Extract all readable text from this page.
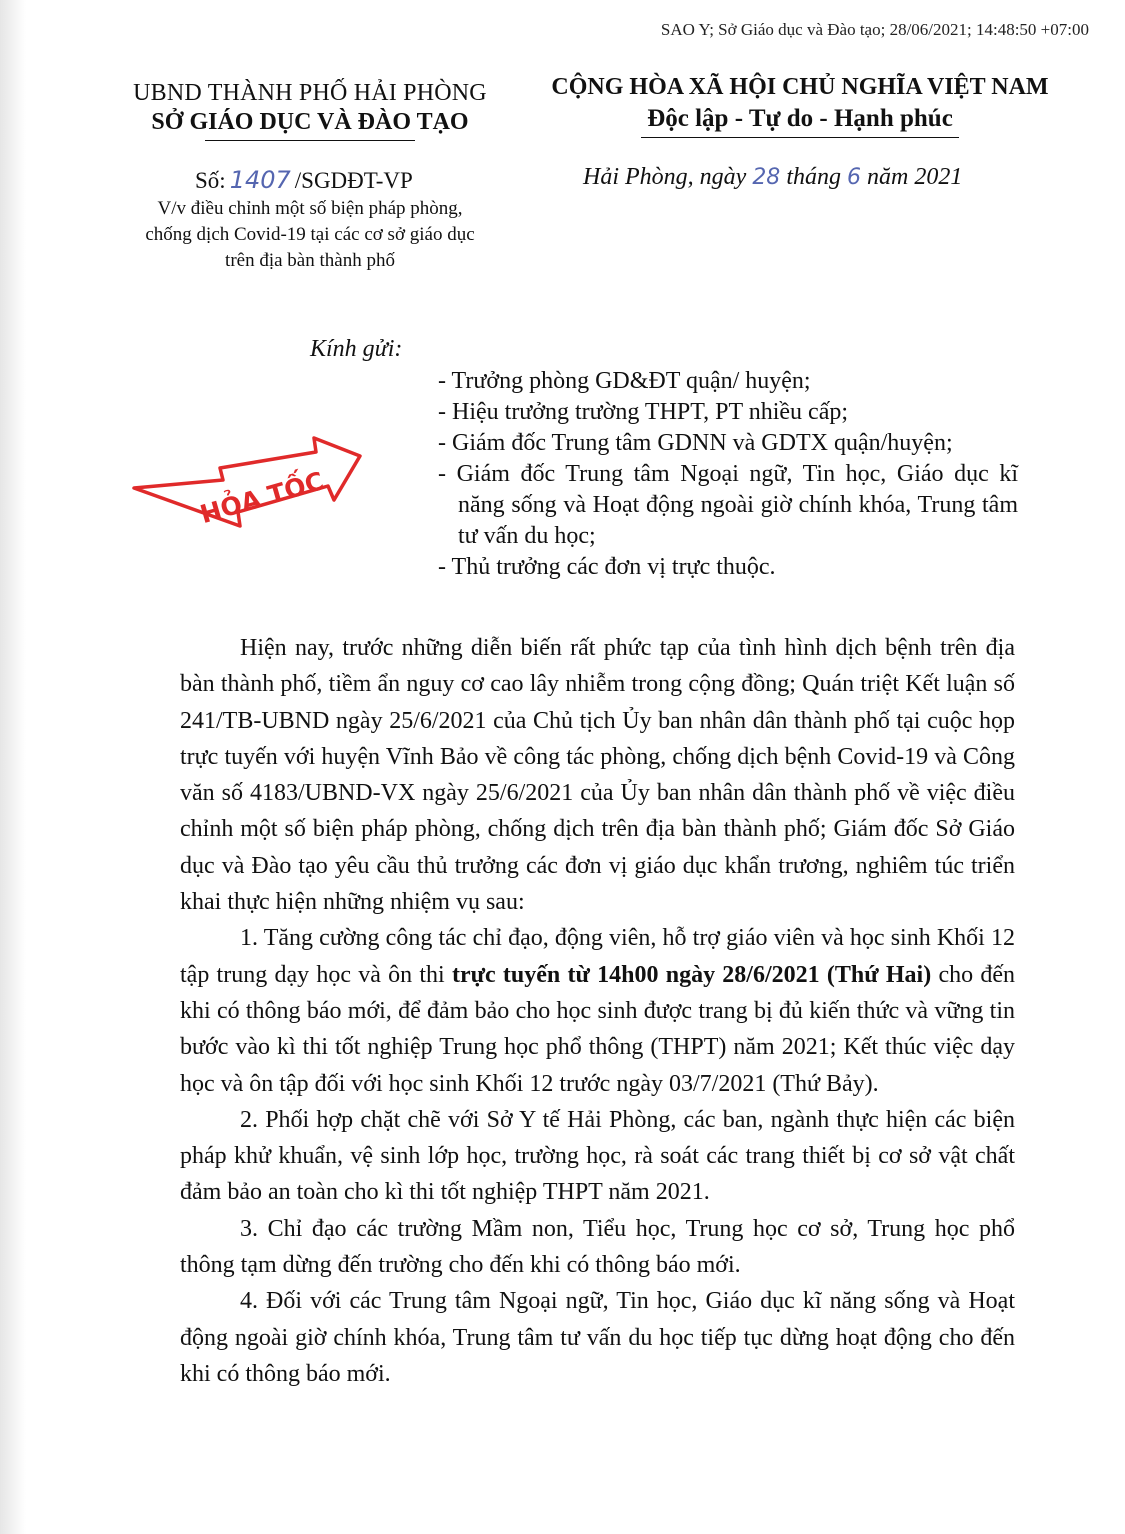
SAO Y; Sở Giáo dục và Đào tạo; 28/06/2021; 14:48:50 +07:00
UBND THÀNH PHỐ HẢI PHÒNG
SỞ GIÁO DỤC VÀ ĐÀO TẠO
CỘNG HÒA XÃ HỘI CHỦ NGHĨA VIỆT NAM
Độc lập - Tự do - Hạnh phúc
Số: 1407 /SGDĐT-VP
V/v điều chỉnh một số biện pháp phòng,
chống dịch Covid-19 tại các cơ sở giáo dục
trên địa bàn thành phố
Hải Phòng, ngày 28 tháng 6 năm 2021
Kính gửi:
- Trưởng phòng GD&ĐT quận/ huyện;
- Hiệu trưởng trường THPT, PT nhiều cấp;
- Giám đốc Trung tâm GDNN và GDTX quận/huyện;
- Giám đốc Trung tâm Ngoại ngữ, Tin học, Giáo dục kĩ năng sống và Hoạt động ngoài giờ chính khóa, Trung tâm tư vấn du học;
- Thủ trưởng các đơn vị trực thuộc.
HỎA TỐC

Hiện nay, trước những diễn biến rất phức tạp của tình hình dịch bệnh trên địa bàn thành phố, tiềm ẩn nguy cơ cao lây nhiễm trong cộng đồng; Quán triệt Kết luận số 241/TB-UBND ngày 25/6/2021 của Chủ tịch Ủy ban nhân dân thành phố tại cuộc họp trực tuyến với huyện Vĩnh Bảo về công tác phòng, chống dịch bệnh Covid-19 và Công văn số 4183/UBND-VX ngày 25/6/2021 của Ủy ban nhân dân thành phố về việc điều chỉnh một số biện pháp phòng, chống dịch trên địa bàn thành phố; Giám đốc Sở Giáo dục và Đào tạo yêu cầu thủ trưởng các đơn vị giáo dục khẩn trương, nghiêm túc triển khai thực hiện những nhiệm vụ sau:

1. Tăng cường công tác chỉ đạo, động viên, hỗ trợ giáo viên và học sinh Khối 12 tập trung dạy học và ôn thi trực tuyến từ 14h00 ngày 28/6/2021 (Thứ Hai) cho đến khi có thông báo mới, để đảm bảo cho học sinh được trang bị đủ kiến thức và vững tin bước vào kì thi tốt nghiệp Trung học phổ thông (THPT) năm 2021; Kết thúc việc dạy học và ôn tập đối với học sinh Khối 12 trước ngày 03/7/2021 (Thứ Bảy).

2. Phối hợp chặt chẽ với Sở Y tế Hải Phòng, các ban, ngành thực hiện các biện pháp khử khuẩn, vệ sinh lớp học, trường học, rà soát các trang thiết bị cơ sở vật chất đảm bảo an toàn cho kì thi tốt nghiệp THPT năm 2021.

3. Chỉ đạo các trường Mầm non, Tiểu học, Trung học cơ sở, Trung học phổ thông tạm dừng đến trường cho đến khi có thông báo mới.

4. Đối với các Trung tâm Ngoại ngữ, Tin học, Giáo dục kĩ năng sống và Hoạt động ngoài giờ chính khóa, Trung tâm tư vấn du học tiếp tục dừng hoạt động cho đến khi có thông báo mới.
